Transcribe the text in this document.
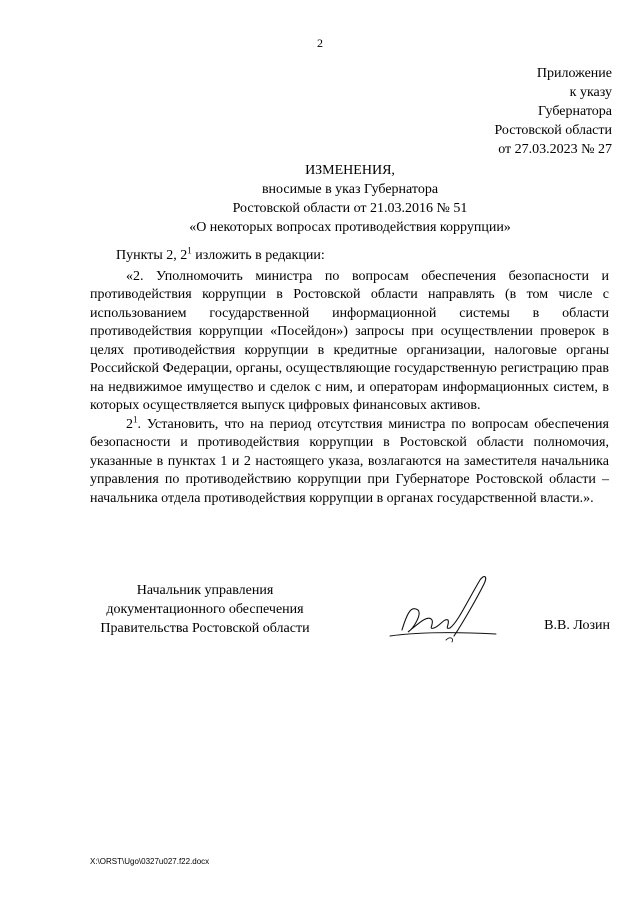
2
Приложение
к указу
Губернатора
Ростовской области
от 27.03.2023 № 27
ИЗМЕНЕНИЯ,
вносимые в указ Губернатора
Ростовской области от 21.03.2016 № 51
«О некоторых вопросах противодействия коррупции»

Пункты 2, $2^1$ изложить в редакции:

«2. Уполномочить министра по вопросам обеспечения безопасности и противодействия коррупции в Ростовской области направлять (в том числе с использованием государственной информационной системы в области противодействия коррупции «Посейдон») запросы при осуществлении проверок в целях противодействия коррупции в кредитные организации, налоговые органы Российской Федерации, органы, осуществляющие государственную регистрацию прав на недвижимое имущество и сделок с ним, и операторам информационных систем, в которых осуществляется выпуск цифровых финансовых активов.

$2^1$. Установить, что на период отсутствия министра по вопросам обеспечения безопасности и противодействия коррупции в Ростовской области полномочия, указанные в пунктах 1 и 2 настоящего указа, возлагаются на заместителя начальника управления по противодействию коррупции при Губернаторе Ростовской области – начальника отдела противодействия коррупции в органах государственной власти.».

Начальник управления
документационного обеспечения
Правительства Ростовской области	В.В. Лозин
X:\ORST\Ugo\0327u027.f22.docx
